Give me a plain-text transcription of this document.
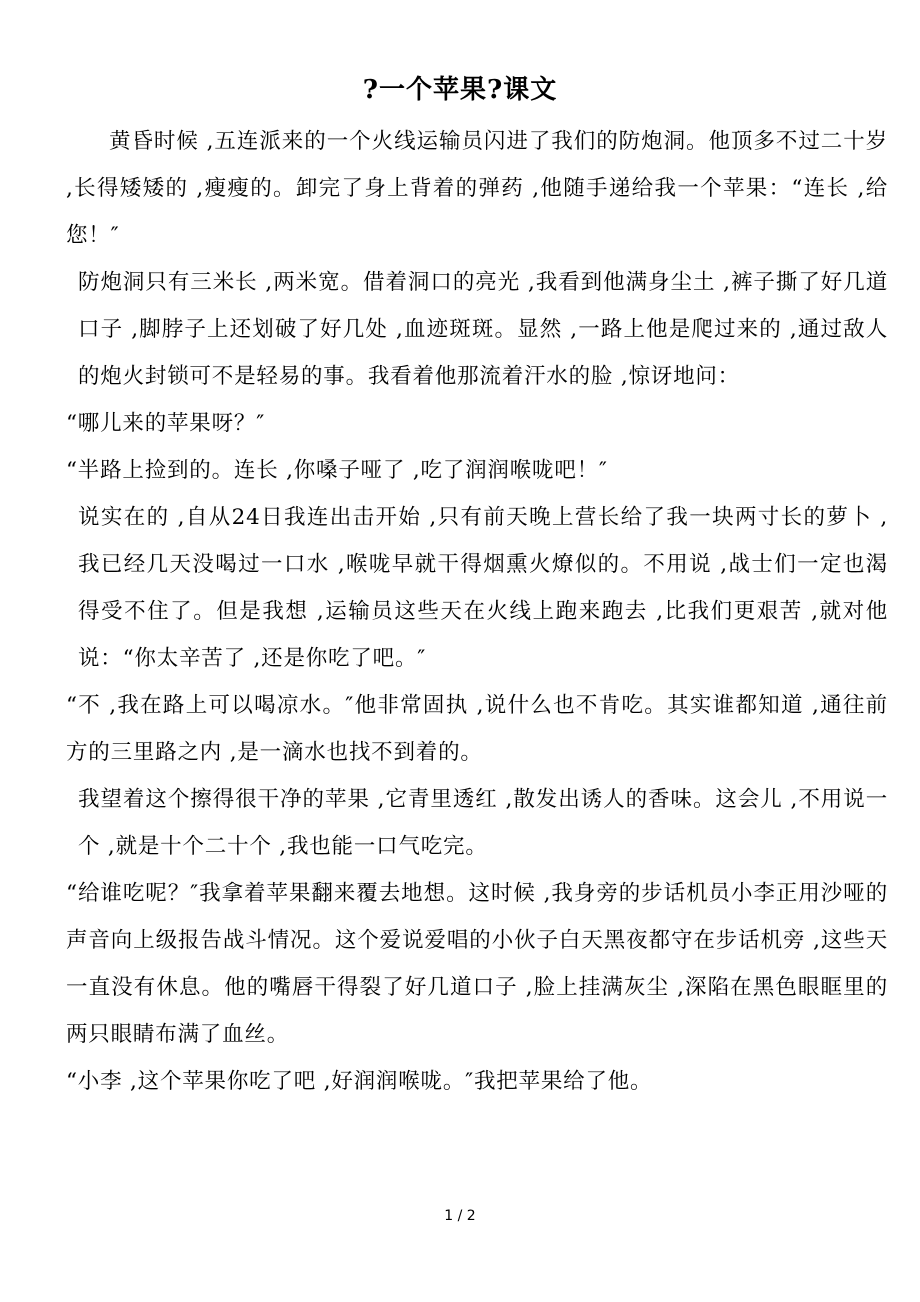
?一个苹果?课文

黄昏时候 ,五连派来的一个火线运输员闪进了我们的防炮洞。他顶多不过二十岁 ,长得矮矮的 ,瘦瘦的。卸完了身上背着的弹药 ,他随手递给我一个苹果：“连长 ,给您！″

防炮洞只有三米长 ,两米宽。借着洞口的亮光 ,我看到他满身尘土 ,裤子撕了好几道口子 ,脚脖子上还划破了好几处 ,血迹斑斑。显然 ,一路上他是爬过来的 ,通过敌人的炮火封锁可不是轻易的事。我看着他那流着汗水的脸 ,惊讶地问：

“哪儿来的苹果呀？″

“半路上捡到的。连长 ,你嗓子哑了 ,吃了润润喉咙吧！″

说实在的 ,自从24日我连出击开始 ,只有前天晚上营长给了我一块两寸长的萝卜 ,我已经几天没喝过一口水 ,喉咙早就干得烟熏火燎似的。不用说 ,战士们一定也渴得受不住了。但是我想 ,运输员这些天在火线上跑来跑去 ,比我们更艰苦 ,就对他说：“你太辛苦了 ,还是你吃了吧。″

“不 ,我在路上可以喝凉水。″他非常固执 ,说什么也不肯吃。其实谁都知道 ,通往前方的三里路之内 ,是一滴水也找不到着的。

我望着这个擦得很干净的苹果 ,它青里透红 ,散发出诱人的香味。这会儿 ,不用说一个 ,就是十个二十个 ,我也能一口气吃完。

“给谁吃呢？″我拿着苹果翻来覆去地想。这时候 ,我身旁的步话机员小李正用沙哑的声音向上级报告战斗情况。这个爱说爱唱的小伙子白天黑夜都守在步话机旁 ,这些天一直没有休息。他的嘴唇干得裂了好几道口子 ,脸上挂满灰尘 ,深陷在黑色眼眶里的两只眼睛布满了血丝。

“小李 ,这个苹果你吃了吧 ,好润润喉咙。″我把苹果给了他。

1 / 2
